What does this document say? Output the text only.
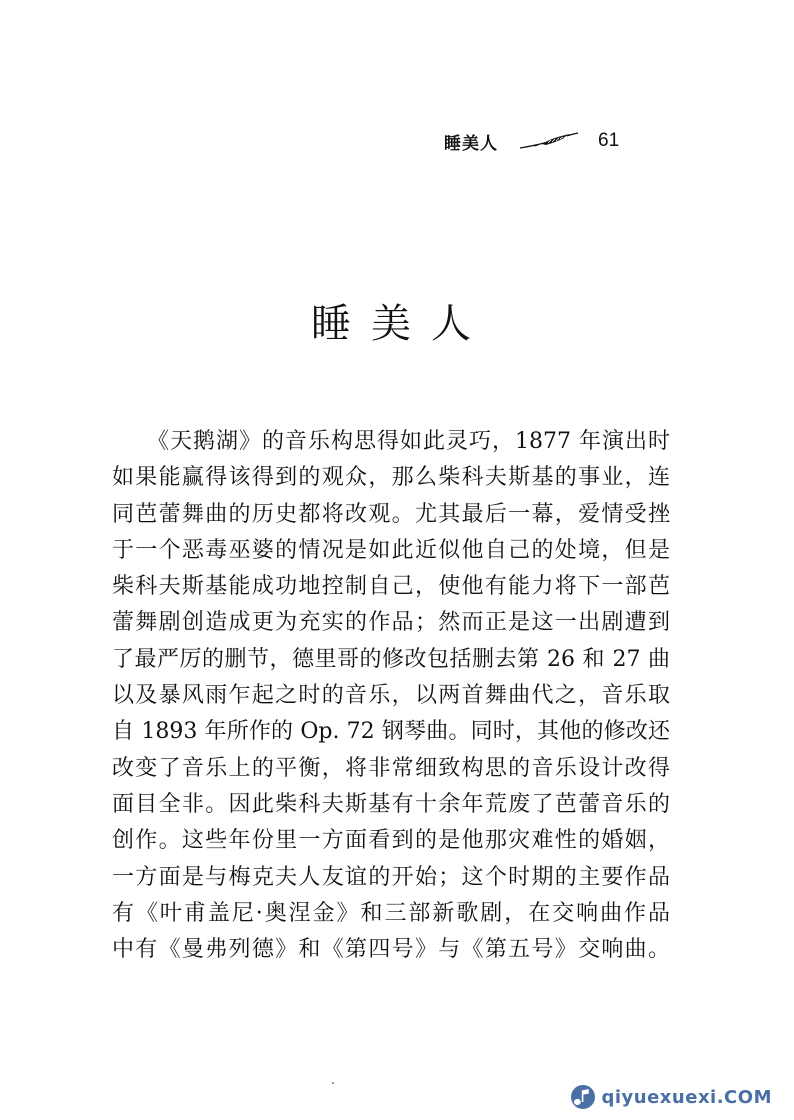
睡美人	61
睡美人
　　《天鹅湖》的音乐构思得如此灵巧，1877 年演出时
如果能赢得该得到的观众，那么柴科夫斯基的事业，连
同芭蕾舞曲的历史都将改观。尤其最后一幕，爱情受挫
于一个恶毒巫婆的情况是如此近似他自己的处境，但是
柴科夫斯基能成功地控制自己，使他有能力将下一部芭
蕾舞剧创造成更为充实的作品；然而正是这一出剧遭到
了最严厉的删节，德里哥的修改包括删去第 26 和 27 曲
以及暴风雨乍起之时的音乐，以两首舞曲代之，音乐取
自 1893 年所作的 Op. 72 钢琴曲。同时，其他的修改还
改变了音乐上的平衡，将非常细致构思的音乐设计改得
面目全非。因此柴科夫斯基有十余年荒废了芭蕾音乐的
创作。这些年份里一方面看到的是他那灾难性的婚姻，
一方面是与梅克夫人友谊的开始；这个时期的主要作品
有《叶甫盖尼·奥涅金》和三部新歌剧，在交响曲作品
中有《曼弗列德》和《第四号》与《第五号》交响曲。
qiyuexuexi.COM
